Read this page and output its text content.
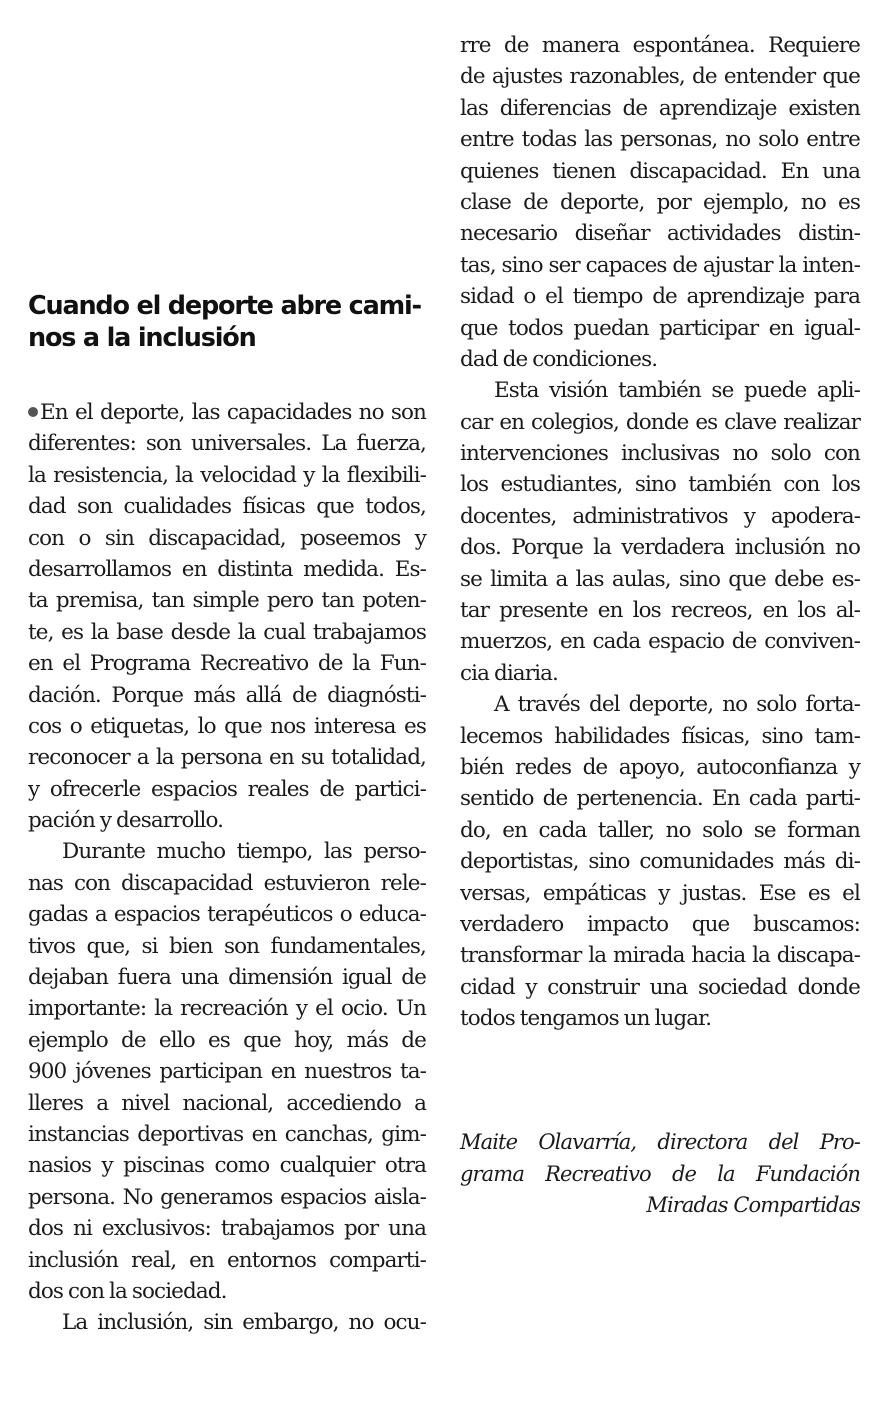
Cuando el deporte abre cami-
nos a la inclusión
En el deporte, las capacidades no son
diferentes: son universales. La fuerza,
la resistencia, la velocidad y la flexibili-
dad son cualidades físicas que todos,
con o sin discapacidad, poseemos y
desarrollamos en distinta medida. Es-
ta premisa, tan simple pero tan poten-
te, es la base desde la cual trabajamos
en el Programa Recreativo de la Fun-
dación. Porque más allá de diagnósti-
cos o etiquetas, lo que nos interesa es
reconocer a la persona en su totalidad,
y ofrecerle espacios reales de partici-
pación y desarrollo.
Durante mucho tiempo, las perso-
nas con discapacidad estuvieron rele-
gadas a espacios terapéuticos o educa-
tivos que, si bien son fundamentales,
dejaban fuera una dimensión igual de
importante: la recreación y el ocio. Un
ejemplo de ello es que hoy, más de
900 jóvenes participan en nuestros ta-
lleres a nivel nacional, accediendo a
instancias deportivas en canchas, gim-
nasios y piscinas como cualquier otra
persona. No generamos espacios aisla-
dos ni exclusivos: trabajamos por una
inclusión real, en entornos comparti-
dos con la sociedad.
La inclusión, sin embargo, no ocu-
rre de manera espontánea. Requiere
de ajustes razonables, de entender que
las diferencias de aprendizaje existen
entre todas las personas, no solo entre
quienes tienen discapacidad. En una
clase de deporte, por ejemplo, no es
necesario diseñar actividades distin-
tas, sino ser capaces de ajustar la inten-
sidad o el tiempo de aprendizaje para
que todos puedan participar en igual-
dad de condiciones.
Esta visión también se puede apli-
car en colegios, donde es clave realizar
intervenciones inclusivas no solo con
los estudiantes, sino también con los
docentes, administrativos y apodera-
dos. Porque la verdadera inclusión no
se limita a las aulas, sino que debe es-
tar presente en los recreos, en los al-
muerzos, en cada espacio de conviven-
cia diaria.
A través del deporte, no solo forta-
lecemos habilidades físicas, sino tam-
bién redes de apoyo, autoconfianza y
sentido de pertenencia. En cada parti-
do, en cada taller, no solo se forman
deportistas, sino comunidades más di-
versas, empáticas y justas. Ese es el
verdadero impacto que buscamos:
transformar la mirada hacia la discapa-
cidad y construir una sociedad donde
todos tengamos un lugar.
Maite Olavarría, directora del Pro-
grama Recreativo de la Fundación
Miradas Compartidas
